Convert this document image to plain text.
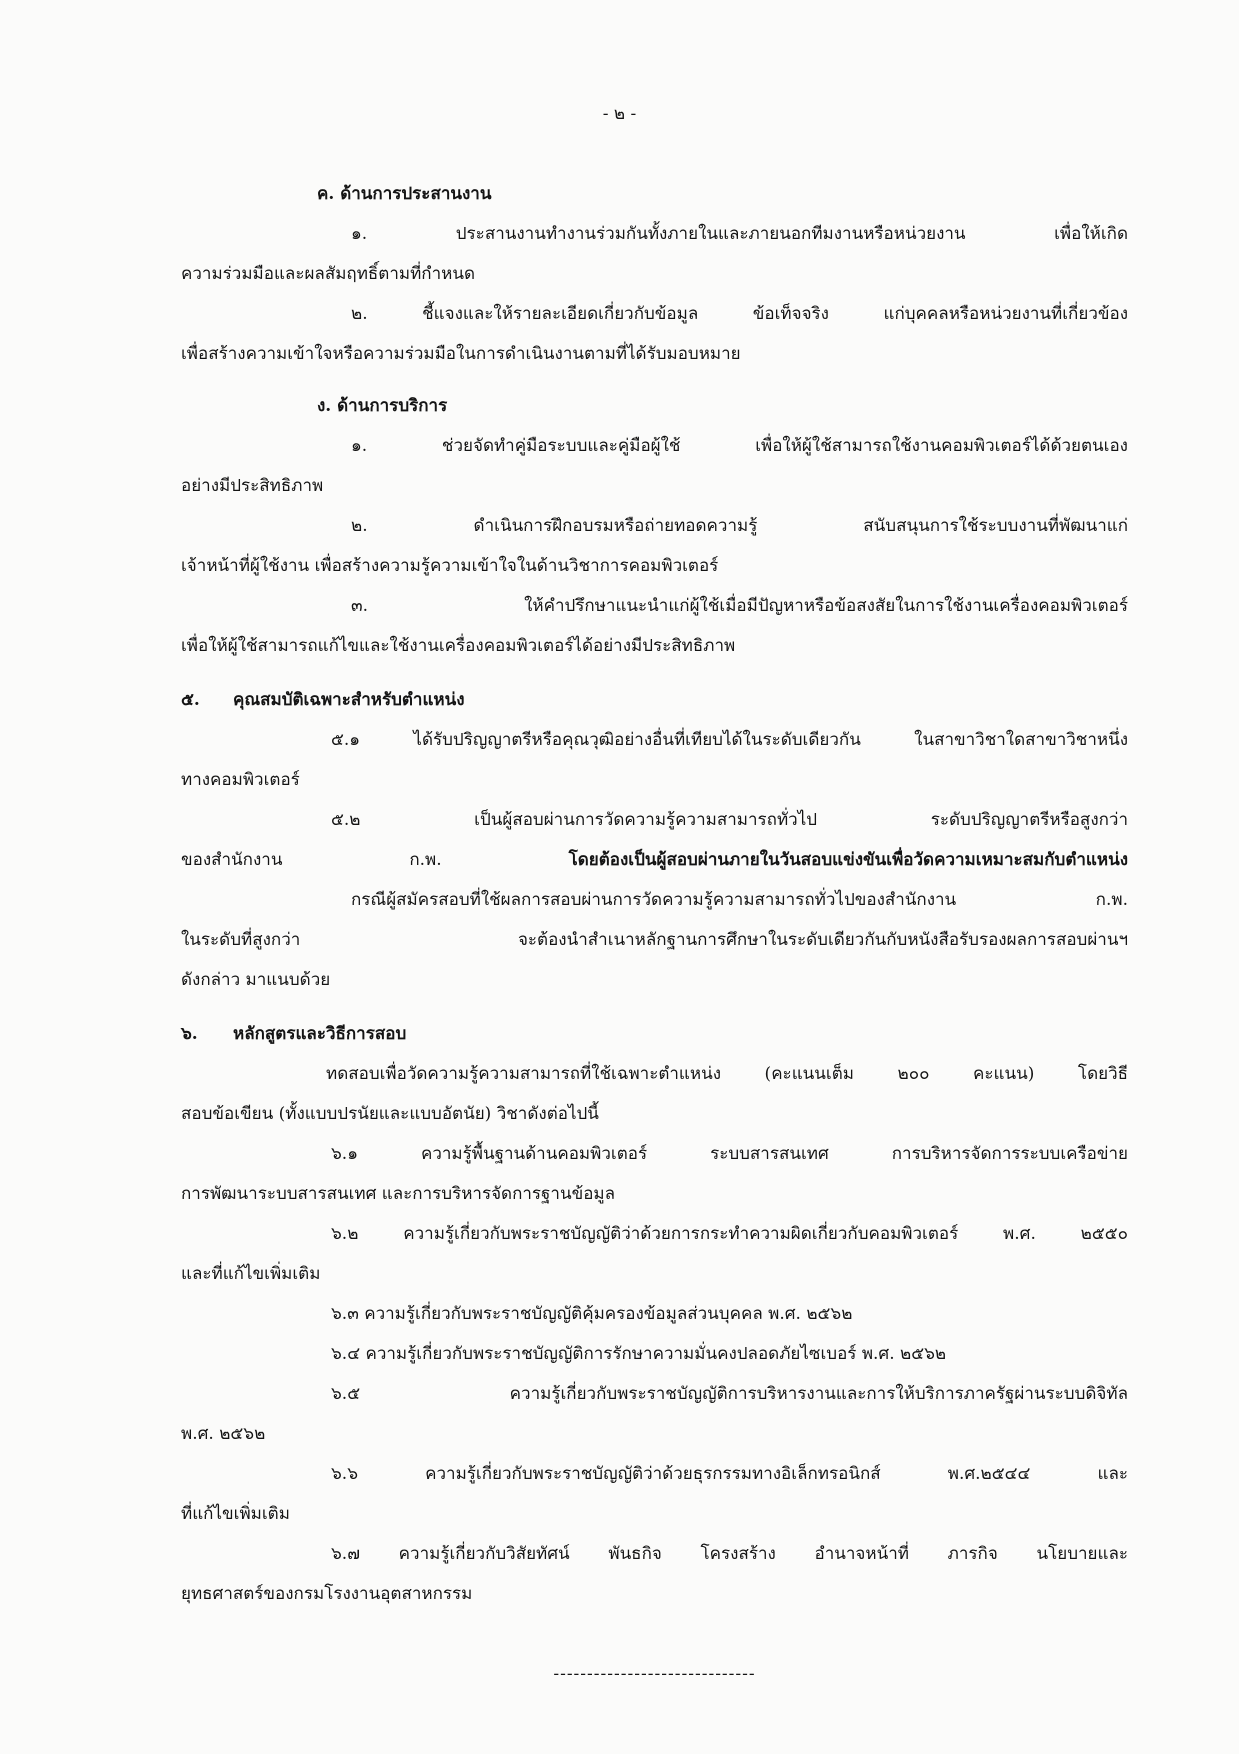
- ๒ -

ค. ด้านการประสานงาน

๑. ประสานงานทำงานร่วมกันทั้งภายในและภายนอกทีมงานหรือหน่วยงาน เพื่อให้เกิด

ความร่วมมือและผลสัมฤทธิ์ตามที่กำหนด

๒. ชี้แจงและให้รายละเอียดเกี่ยวกับข้อมูล ข้อเท็จจริง แก่บุคคลหรือหน่วยงานที่เกี่ยวข้อง

เพื่อสร้างความเข้าใจหรือความร่วมมือในการดำเนินงานตามที่ได้รับมอบหมาย

ง. ด้านการบริการ

๑. ช่วยจัดทำคู่มือระบบและคู่มือผู้ใช้ เพื่อให้ผู้ใช้สามารถใช้งานคอมพิวเตอร์ได้ด้วยตนเอง

อย่างมีประสิทธิภาพ

๒. ดำเนินการฝึกอบรมหรือถ่ายทอดความรู้ สนับสนุนการใช้ระบบงานที่พัฒนาแก่

เจ้าหน้าที่ผู้ใช้งาน เพื่อสร้างความรู้ความเข้าใจในด้านวิชาการคอมพิวเตอร์

๓. ให้คำปรึกษาแนะนำแก่ผู้ใช้เมื่อมีปัญหาหรือข้อสงสัยในการใช้งานเครื่องคอมพิวเตอร์

เพื่อให้ผู้ใช้สามารถแก้ไขและใช้งานเครื่องคอมพิวเตอร์ได้อย่างมีประสิทธิภาพ

๕. คุณสมบัติเฉพาะสำหรับตำแหน่ง

๕.๑ ได้รับปริญญาตรีหรือคุณวุฒิอย่างอื่นที่เทียบได้ในระดับเดียวกัน ในสาขาวิชาใดสาขาวิชาหนึ่ง

ทางคอมพิวเตอร์

๕.๒ เป็นผู้สอบผ่านการวัดความรู้ความสามารถทั่วไป ระดับปริญญาตรีหรือสูงกว่า

ของสำนักงาน ก.พ. โดยต้องเป็นผู้สอบผ่านภายในวันสอบแข่งขันเพื่อวัดความเหมาะสมกับตำแหน่ง

กรณีผู้สมัครสอบที่ใช้ผลการสอบผ่านการวัดความรู้ความสามารถทั่วไปของสำนักงาน ก.พ.

ในระดับที่สูงกว่า จะต้องนำสำเนาหลักฐานการศึกษาในระดับเดียวกันกับหนังสือรับรองผลการสอบผ่านฯ

ดังกล่าว มาแนบด้วย

๖. หลักสูตรและวิธีการสอบ

ทดสอบเพื่อวัดความรู้ความสามารถที่ใช้เฉพาะตำแหน่ง (คะแนนเต็ม ๒๐๐ คะแนน) โดยวิธี

สอบข้อเขียน (ทั้งแบบปรนัยและแบบอัตนัย) วิชาดังต่อไปนี้

๖.๑ ความรู้พื้นฐานด้านคอมพิวเตอร์ ระบบสารสนเทศ การบริหารจัดการระบบเครือข่าย

การพัฒนาระบบสารสนเทศ และการบริหารจัดการฐานข้อมูล

๖.๒ ความรู้เกี่ยวกับพระราชบัญญัติว่าด้วยการกระทำความผิดเกี่ยวกับคอมพิวเตอร์ พ.ศ. ๒๕๕๐

และที่แก้ไขเพิ่มเติม

๖.๓ ความรู้เกี่ยวกับพระราชบัญญัติคุ้มครองข้อมูลส่วนบุคคล พ.ศ. ๒๕๖๒

๖.๔ ความรู้เกี่ยวกับพระราชบัญญัติการรักษาความมั่นคงปลอดภัยไซเบอร์ พ.ศ. ๒๕๖๒

๖.๕ ความรู้เกี่ยวกับพระราชบัญญัติการบริหารงานและการให้บริการภาครัฐผ่านระบบดิจิทัล

พ.ศ. ๒๕๖๒

๖.๖ ความรู้เกี่ยวกับพระราชบัญญัติว่าด้วยธุรกรรมทางอิเล็กทรอนิกส์ พ.ศ.๒๕๔๔ และ

ที่แก้ไขเพิ่มเติม

๖.๗ ความรู้เกี่ยวกับวิสัยทัศน์ พันธกิจ โครงสร้าง อำนาจหน้าที่ ภารกิจ นโยบายและ

ยุทธศาสตร์ของกรมโรงงานอุตสาหกรรม

------------------------------
